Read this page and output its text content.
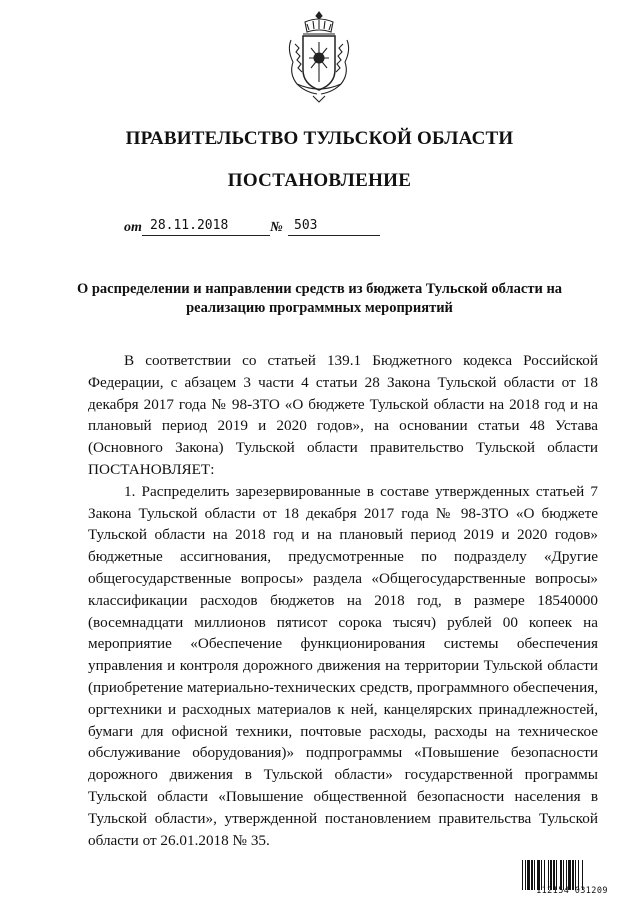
ПРАВИТЕЛЬСТВО ТУЛЬСКОЙ ОБЛАСТИ
ПОСТАНОВЛЕНИЕ
от 28.11.2018	№ 503
О распределении и направлении средств из бюджета Тульской области на реализацию программных мероприятий

В соответствии со статьей 139.1 Бюджетного кодекса Российской Федерации, с абзацем 3 части 4 статьи 28 Закона Тульской области от 18 декабря 2017 года № 98-ЗТО «О бюджете Тульской области на 2018 год и на плановый период 2019 и 2020 годов», на основании статьи 48 Устава (Основного Закона) Тульской области правительство Тульской области ПОСТАНОВЛЯЕТ:

1. Распределить зарезервированные в составе утвержденных статьей 7 Закона Тульской области от 18 декабря 2017 года № 98-ЗТО «О бюджете Тульской области на 2018 год и на плановый период 2019 и 2020 годов» бюджетные ассигнования, предусмотренные по подразделу «Другие общегосударственные вопросы» раздела «Общегосударственные вопросы» классификации расходов бюджетов на 2018 год, в размере 18540000 (восемнадцати миллионов пятисот сорока тысяч) рублей 00 копеек на мероприятие «Обеспечение функционирования системы обеспечения управления и контроля дорожного движения на территории Тульской области (приобретение материально-технических средств, программного обеспечения, оргтехники и расходных материалов к ней, канцелярских принадлежностей, бумаги для офисной техники, почтовые расходы, расходы на техническое обслуживание оборудования)» подпрограммы «Повышение безопасности дорожного движения в Тульской области» государственной программы Тульской области «Повышение общественной безопасности населения в Тульской области», утвержденной постановлением правительства Тульской области от 26.01.2018 № 35.

112154 031209
